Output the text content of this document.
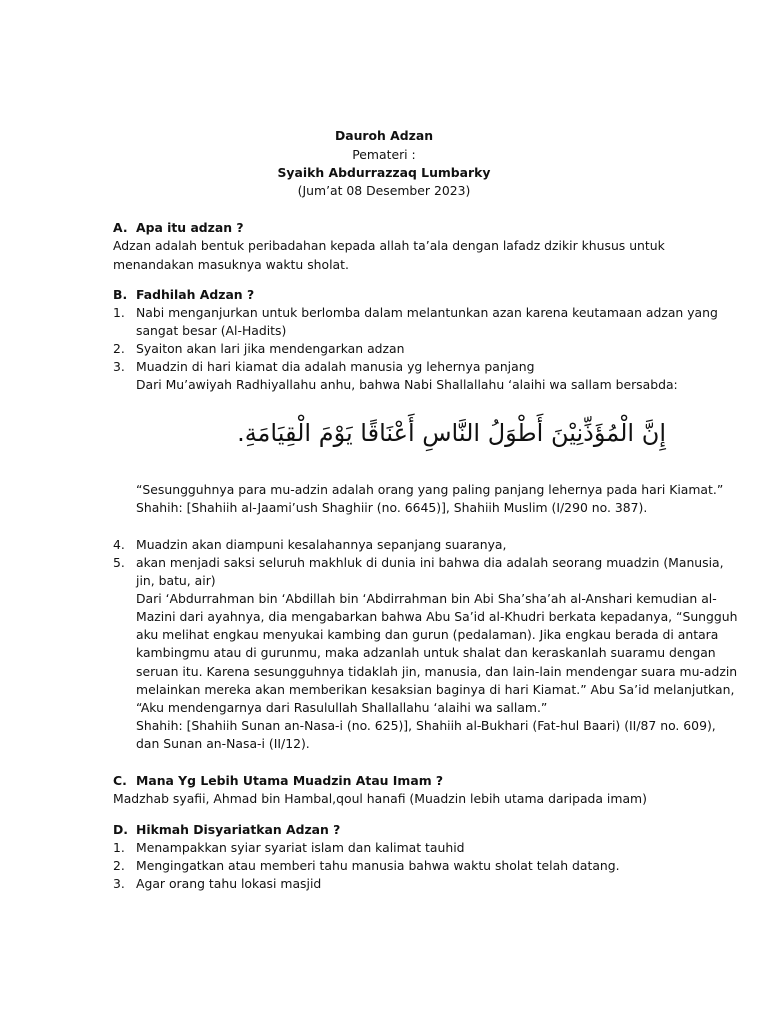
Dauroh Adzan
Pemateri :
Syaikh Abdurrazzaq Lumbarky
(Jum’at 08 Desember 2023)
A. Apa itu adzan ?
Adzan adalah bentuk peribadahan kepada allah ta’ala dengan lafadz dzikir khusus untuk
menandakan masuknya waktu sholat.
B. Fadhilah Adzan ?
1. Nabi menganjurkan untuk berlomba dalam melantunkan azan karena keutamaan adzan yang
sangat besar (Al-Hadits)
2. Syaiton akan lari jika mendengarkan adzan
3. Muadzin di hari kiamat dia adalah manusia yg lehernya panjang
Dari Mu’awiyah Radhiyallahu anhu, bahwa Nabi Shallallahu ‘alaihi wa sallam bersabda:
إِنَّ الْمُؤَذِّنِيْنَ أَطْوَلُ النَّاسِ أَعْنَاقًا يَوْمَ الْقِيَامَةِ.
“Sesungguhnya para mu-adzin adalah orang yang paling panjang lehernya pada hari Kiamat.”
Shahih: [Shahiih al-Jaami’ush Shaghiir (no. 6645)], Shahiih Muslim (I/290 no. 387).
4. Muadzin akan diampuni kesalahannya sepanjang suaranya,
5. akan menjadi saksi seluruh makhluk di dunia ini bahwa dia adalah seorang muadzin (Manusia,
jin, batu, air)
Dari ‘Abdurrahman bin ‘Abdillah bin ‘Abdirrahman bin Abi Sha’sha’ah al-Anshari kemudian al-
Mazini dari ayahnya, dia mengabarkan bahwa Abu Sa’id al-Khudri berkata kepadanya, “Sungguh
aku melihat engkau menyukai kambing dan gurun (pedalaman). Jika engkau berada di antara
kambingmu atau di gurunmu, maka adzanlah untuk shalat dan keraskanlah suaramu dengan
seruan itu. Karena sesungguhnya tidaklah jin, manusia, dan lain-lain mendengar suara mu-adzin
melainkan mereka akan memberikan kesaksian baginya di hari Kiamat.” Abu Sa’id melanjutkan,
“Aku mendengarnya dari Rasulullah Shallallahu ‘alaihi wa sallam.”
Shahih: [Shahiih Sunan an-Nasa-i (no. 625)], Shahiih al-Bukhari (Fat-hul Baari) (II/87 no. 609),
dan Sunan an-Nasa-i (II/12).
C. Mana Yg Lebih Utama Muadzin Atau Imam ?
Madzhab syafii, Ahmad bin Hambal,qoul hanafi (Muadzin lebih utama daripada imam)
D. Hikmah Disyariatkan Adzan ?
1. Menampakkan syiar syariat islam dan kalimat tauhid
2. Mengingatkan atau memberi tahu manusia bahwa waktu sholat telah datang.
3. Agar orang tahu lokasi masjid
